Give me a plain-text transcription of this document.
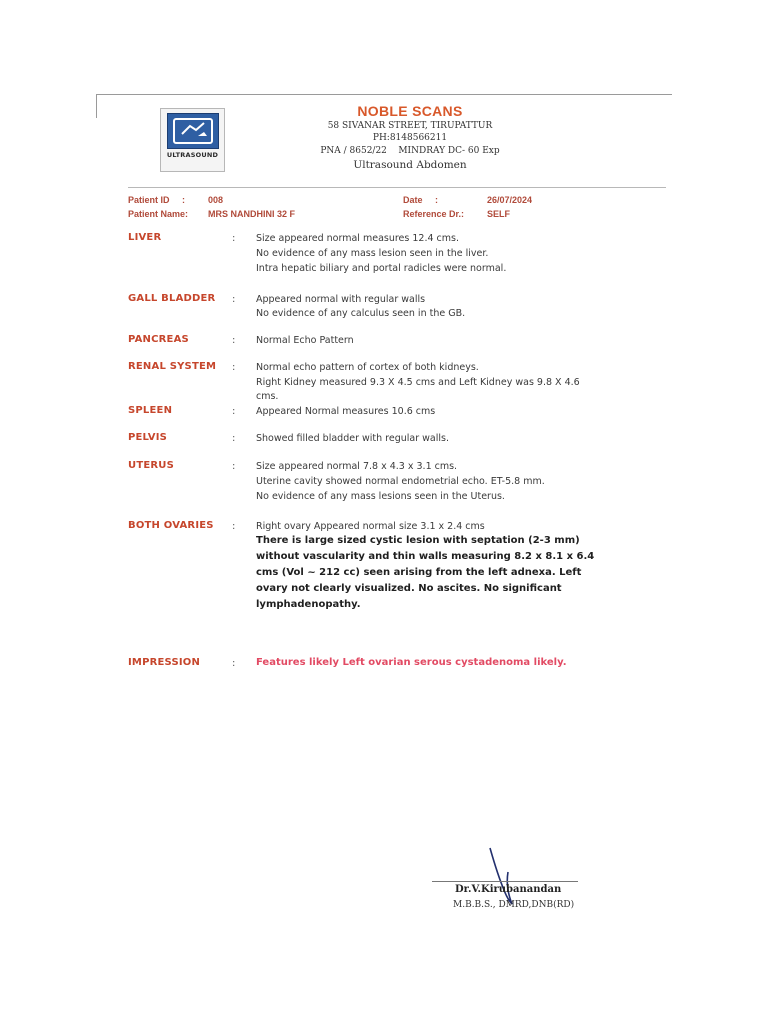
ULTRASOUND
NOBLE SCANS
58 SIVANAR STREET, TIRUPATTUR
PH:8148566211
PNA / 8652/22    MINDRAY DC- 60 Exp
Ultrasound Abdomen
Patient ID     :	008
Patient Name: MRS NANDHINI 32 F
Date     :	26/07/2024
Reference Dr.:	SELF
LIVER	: Size appeared normal measures 12.4 cms.
No evidence of any mass lesion seen in the liver.
Intra hepatic biliary and portal radicles were normal.
GALL BLADDER : Appeared normal with regular walls
No evidence of any calculus seen in the GB.
PANCREAS	: Normal Echo Pattern
RENAL SYSTEM : Normal echo pattern of cortex of both kidneys.
Right Kidney measured 9.3 X 4.5 cms and Left Kidney was 9.8 X 4.6
cms.
SPLEEN	: Appeared Normal measures 10.6 cms
PELVIS	: Showed filled bladder with regular walls.
UTERUS	: Size appeared normal 7.8 x 4.3 x 3.1 cms.
Uterine cavity showed normal endometrial echo. ET-5.8 mm.
No evidence of any mass lesions seen in the Uterus.
BOTH OVARIES : Right ovary Appeared normal size 3.1 x 2.4 cms
There is large sized cystic lesion with septation (2-3 mm)
without vascularity and thin walls measuring 8.2 x 8.1 x 6.4
cms (Vol ~ 212 cc) seen arising from the left adnexa. Left
ovary not clearly visualized. No ascites. No significant
lymphadenopathy.
IMPRESSION	: Features likely Left ovarian serous cystadenoma likely.
Dr.V.Kirubanandan
M.B.B.S., DMRD,DNB(RD)
